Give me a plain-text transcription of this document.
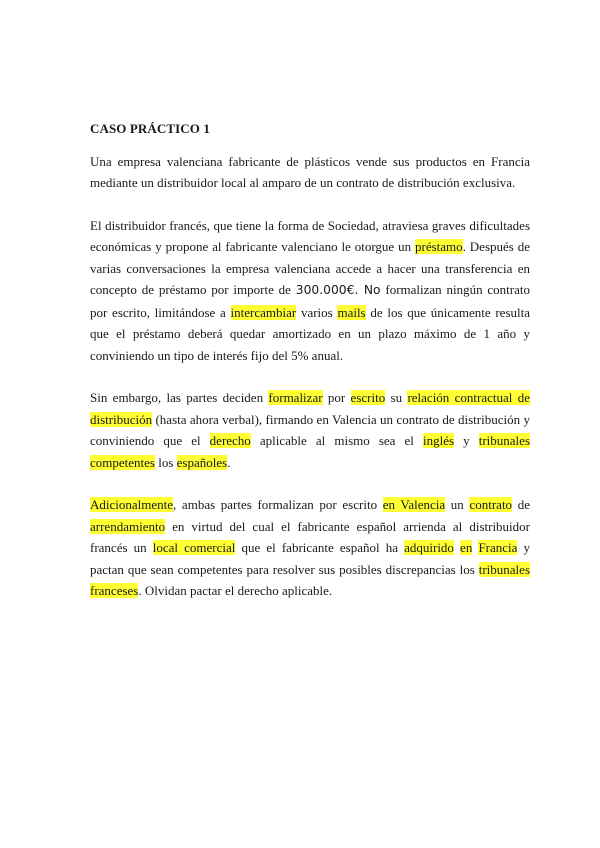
CASO PRÁCTICO 1

Una empresa valenciana fabricante de plásticos vende sus productos en Francia mediante un distribuidor local al amparo de un contrato de distribución exclusiva.

El distribuidor francés, que tiene la forma de Sociedad, atraviesa graves dificultades económicas y propone al fabricante valenciano le otorgue un préstamo. Después de varias conversaciones la empresa valenciana accede a hacer una transferencia en concepto de préstamo por importe de 300.000€. No formalizan ningún contrato por escrito, limitándose a intercambiar varios mails de los que únicamente resulta que el préstamo deberá quedar amortizado en un plazo máximo de 1 año y conviniendo un tipo de interés fijo del 5% anual.

Sin embargo, las partes deciden formalizar por escrito su relación contractual de distribución (hasta ahora verbal), firmando en Valencia un contrato de distribución y conviniendo que el derecho aplicable al mismo sea el inglés y tribunales competentes los españoles.

Adicionalmente, ambas partes formalizan por escrito en Valencia un contrato de arrendamiento en virtud del cual el fabricante español arrienda al distribuidor francés un local comercial que el fabricante español ha adquirido en Francia y pactan que sean competentes para resolver sus posibles discrepancias los tribunales franceses. Olvidan pactar el derecho aplicable.
